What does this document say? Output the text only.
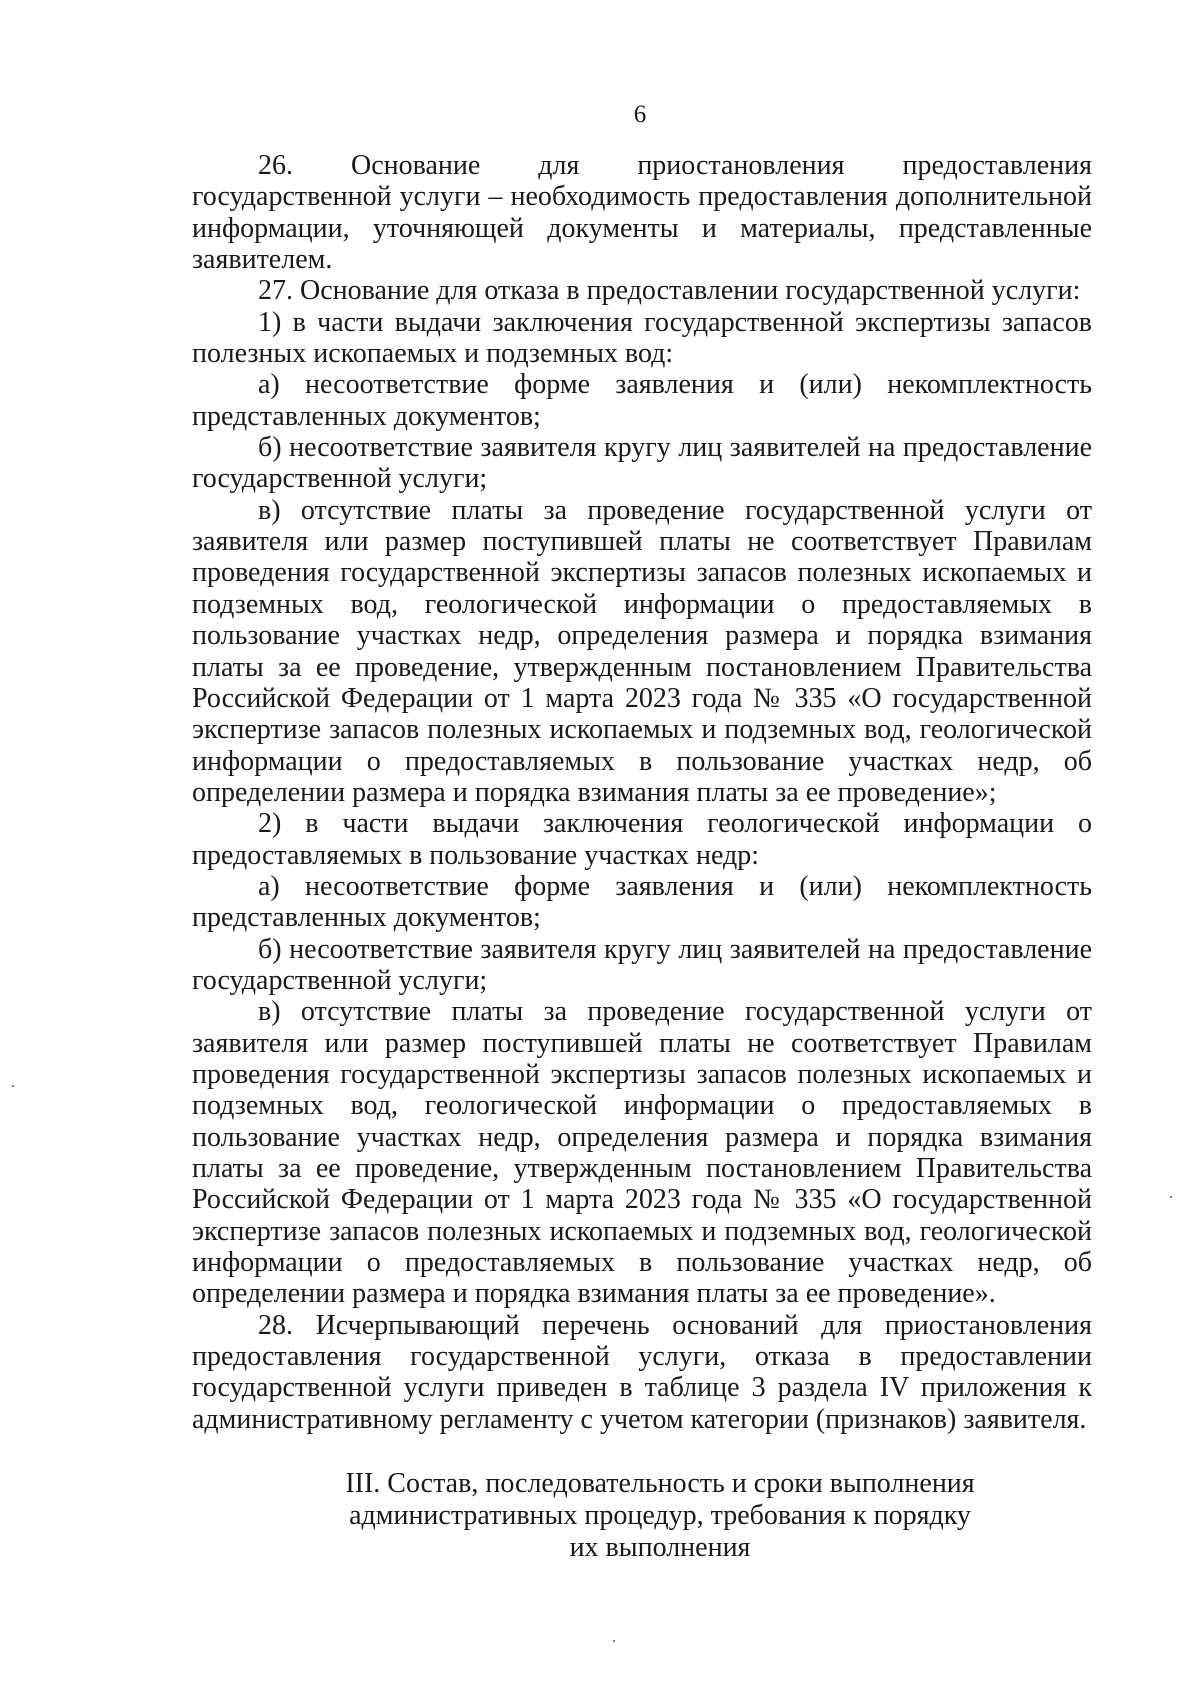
6

26. Основание для приостановления предоставления государственной услуги – необходимость предоставления дополнительной информации, уточняющей документы и материалы, представленные заявителем.

27. Основание для отказа в предоставлении государственной услуги:

1) в части выдачи заключения государственной экспертизы запасов полезных ископаемых и подземных вод:

а) несоответствие форме заявления и (или) некомплектность представленных документов;

б) несоответствие заявителя кругу лиц заявителей на предоставление государственной услуги;

в) отсутствие платы за проведение государственной услуги от заявителя или размер поступившей платы не соответствует Правилам проведения государственной экспертизы запасов полезных ископаемых и подземных вод, геологической информации о предоставляемых в пользование участках недр, определения размера и порядка взимания платы за ее проведение, утвержденным постановлением Правительства Российской Федерации от 1 марта 2023 года № 335 «О государственной экспертизе запасов полезных ископаемых и подземных вод, геологической информации о предоставляемых в пользование участках недр, об определении размера и порядка взимания платы за ее проведение»;

2) в части выдачи заключения геологической информации о предоставляемых в пользование участках недр:

а) несоответствие форме заявления и (или) некомплектность представленных документов;

б) несоответствие заявителя кругу лиц заявителей на предоставление государственной услуги;

в) отсутствие платы за проведение государственной услуги от заявителя или размер поступившей платы не соответствует Правилам проведения государственной экспертизы запасов полезных ископаемых и подземных вод, геологической информации о предоставляемых в пользование участках недр, определения размера и порядка взимания платы за ее проведение, утвержденным постановлением Правительства Российской Федерации от 1 марта 2023 года № 335 «О государственной экспертизе запасов полезных ископаемых и подземных вод, геологической информации о предоставляемых в пользование участках недр, об определении размера и порядка взимания платы за ее проведение».

28. Исчерпывающий перечень оснований для приостановления предоставления государственной услуги, отказа в предоставлении государственной услуги приведен в таблице 3 раздела IV приложения к административному регламенту с учетом категории (признаков) заявителя.

III. Состав, последовательность и сроки выполнения
административных процедур, требования к порядку
их выполнения
